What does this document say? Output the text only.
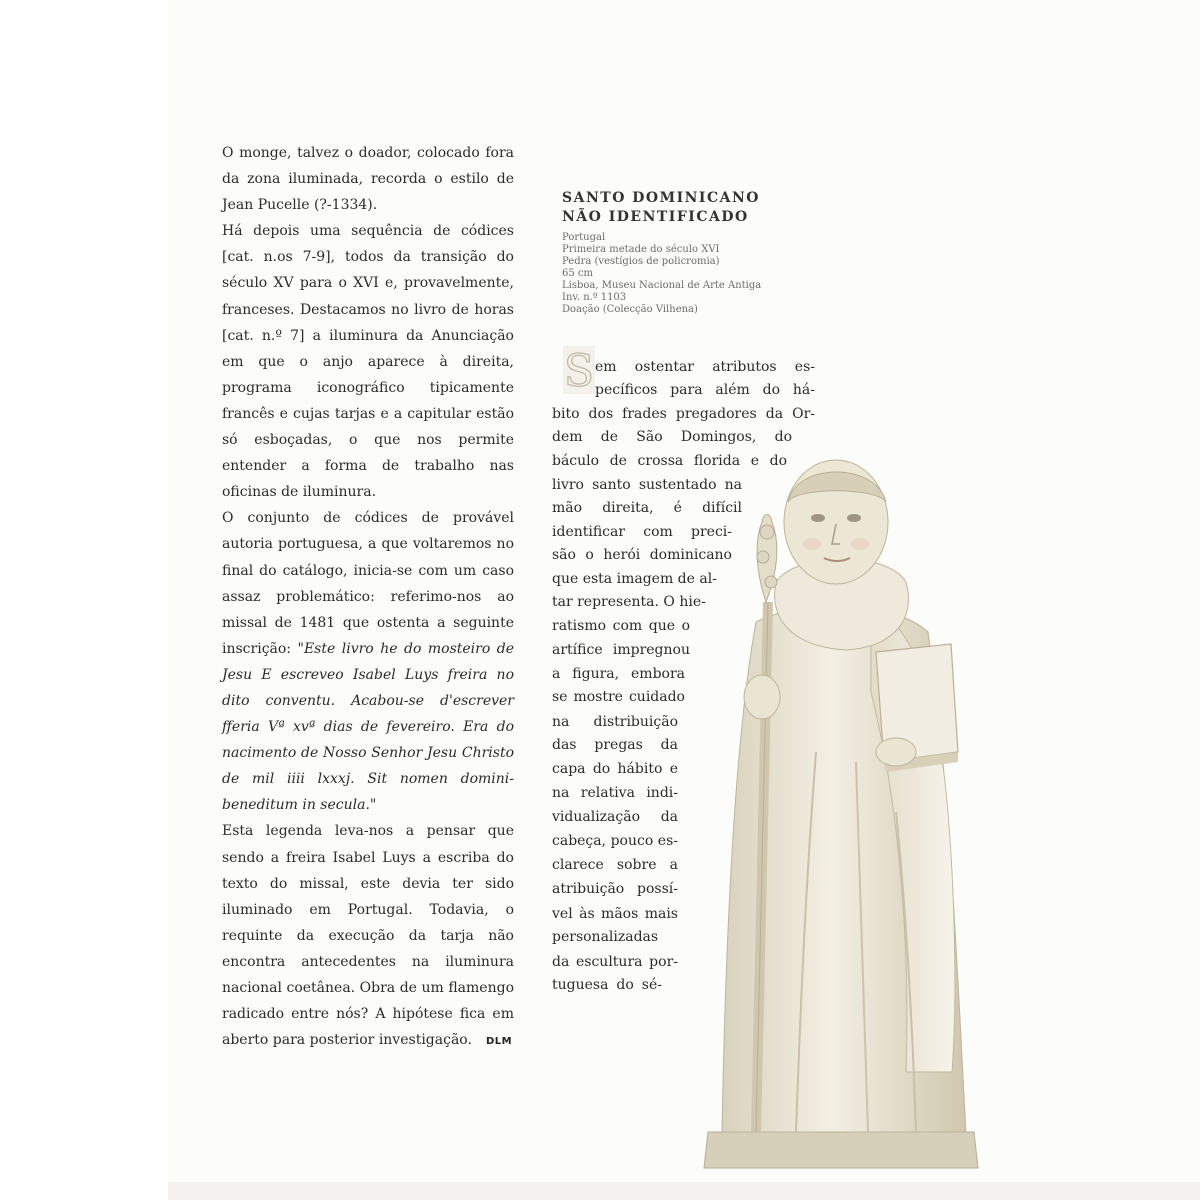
O monge, talvez o doador, colocado fora da zona iluminada, recorda o estilo de Jean Pucelle (?-1334).

Há depois uma sequência de códices [cat. n.os 7-9], todos da transição do século XV para o XVI e, provavelmente, franceses. Destacamos no livro de horas [cat. n.º 7] a iluminura da Anunciação em que o anjo aparece à direita, programa iconográfico tipicamente francês e cujas tarjas e a capitular estão só esboçadas, o que nos permite entender a forma de trabalho nas oficinas de iluminura.

O conjunto de códices de provável autoria portuguesa, a que voltaremos no final do catálogo, inicia-se com um caso assaz problemático: referimo-nos ao missal de 1481 que ostenta a seguinte inscrição: "Este livro he do mosteiro de Jesu E escreveo Isabel Luys freira no dito conventu. Acabou-se d'escrever fferia Vª xvª dias de fevereiro. Era do nacimento de Nosso Senhor Jesu Christo de mil iiii lxxxj. Sit nomen domini-beneditum in secula."

Esta legenda leva-nos a pensar que sendo a freira Isabel Luys a escriba do texto do missal, este devia ter sido iluminado em Portugal. Todavia, o requinte da execução da tarja não encontra antecedentes na iluminura nacional coetânea. Obra de um flamengo radicado entre nós? A hipótese fica em aberto para posterior investigação.	DLM
SANTO DOMINICANO
NÃO IDENTIFICADO
Portugal
Primeira metade do século XVI
Pedra (vestígios de policromia)
65 cm
Lisboa, Museu Nacional de Arte Antiga
Inv. n.º 1103
Doação (Colecção Vilhena)
S em ostentar atributos es-
pecíficos para além do há-
bito dos frades pregadores da Or-
dem de São Domingos, do
báculo de crossa florida e do
livro santo sustentado na
mão direita, é difícil
identificar com preci-
são o herói dominicano
que esta imagem de al-
tar representa. O hie-
ratismo com que o
artífice impregnou
a figura, embora
se mostre cuidado
na distribuição
das pregas da
capa do hábito e
na relativa indi-
vidualização da
cabeça, pouco es-
clarece sobre a
atribuição possí-
vel às mãos mais
personalizadas
da escultura por-
tuguesa do sé-
